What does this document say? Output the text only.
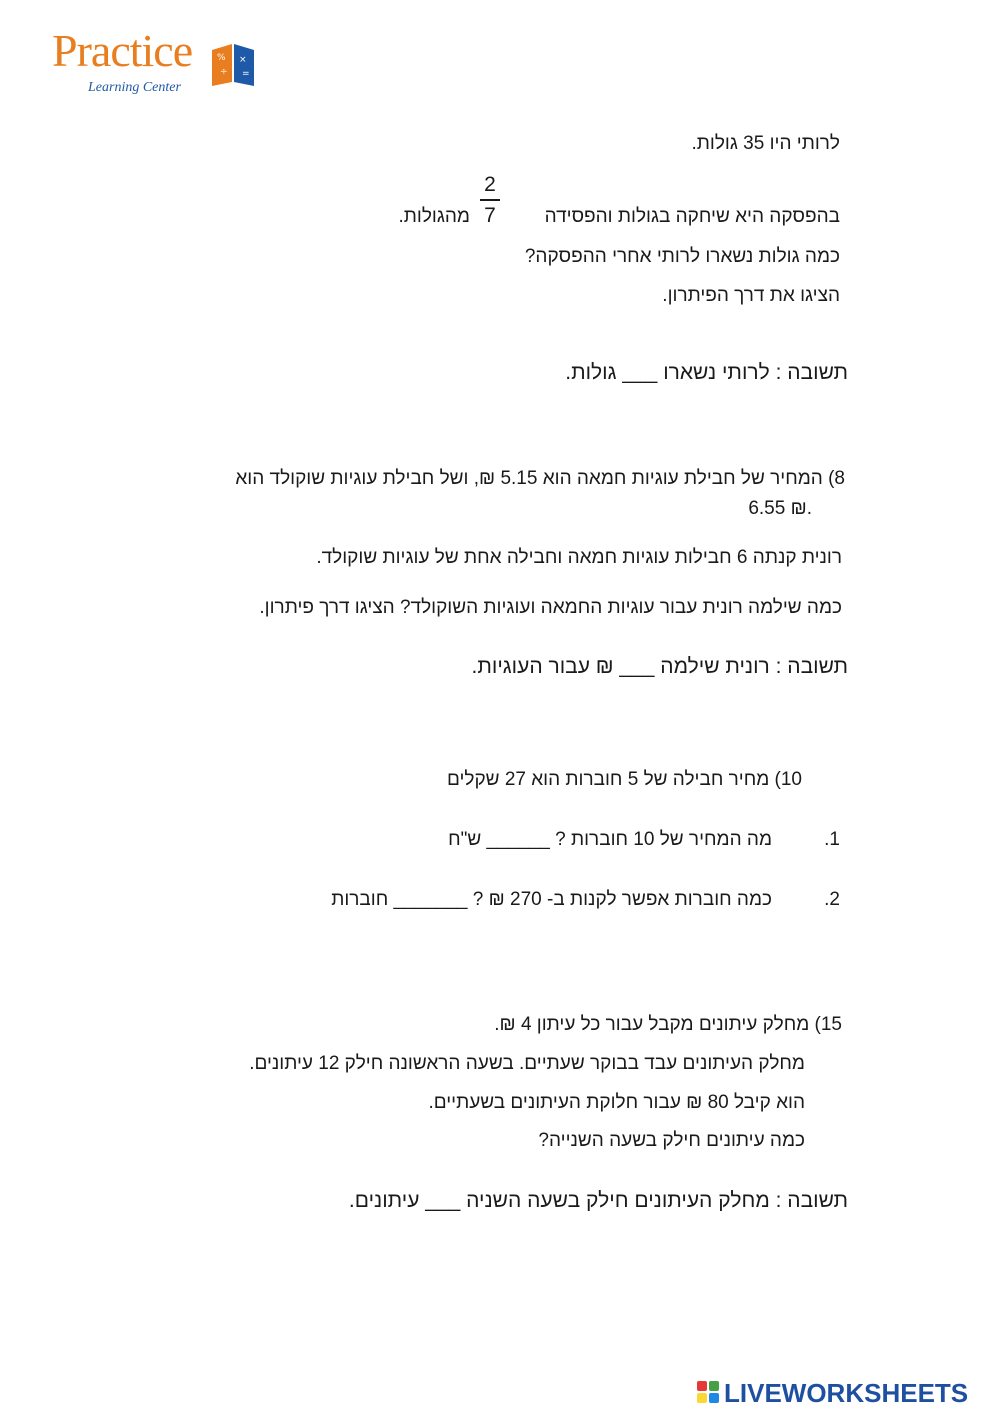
Practice
Learning Center
%
÷
×
=
לרותי היו 35 גולות.
2
7	בהפסקה היא שיחקה בגולות והפסידה
מהגולות.
כמה גולות נשארו לרותי אחרי ההפסקה?
הציגו את דרך הפיתרון.
תשובה : לרותי נשארו ___ גולות.
8) המחיר של חבילת עוגיות חמאה הוא 5.15 ₪, ושל חבילת עוגיות שוקולד הוא
6.55 ₪.
רונית קנתה 6 חבילות עוגיות חמאה וחבילה אחת של עוגיות שוקולד.
כמה שילמה רונית עבור עוגיות החמאה ועוגיות השוקולד? הציגו דרך פיתרון.
תשובה : רונית שילמה ___ ₪ עבור העוגיות.
10) מחיר חבילה של 5 חוברות הוא 27 שקלים
.1
מה המחיר של 10 חוברות ? ______ ש"ח
.2
כמה חוברות אפשר לקנות ב- 270 ₪ ? _______ חוברות
15) מחלק עיתונים מקבל עבור כל עיתון 4 ₪.
מחלק העיתונים עבד בבוקר שעתיים. בשעה הראשונה חילק 12 עיתונים.
הוא קיבל 80 ₪ עבור חלוקת העיתונים בשעתיים.
כמה עיתונים חילק בשעה השנייה?
תשובה : מחלק העיתונים חילק בשעה השניה ___ עיתונים.
LIVEWORKSHEETS
